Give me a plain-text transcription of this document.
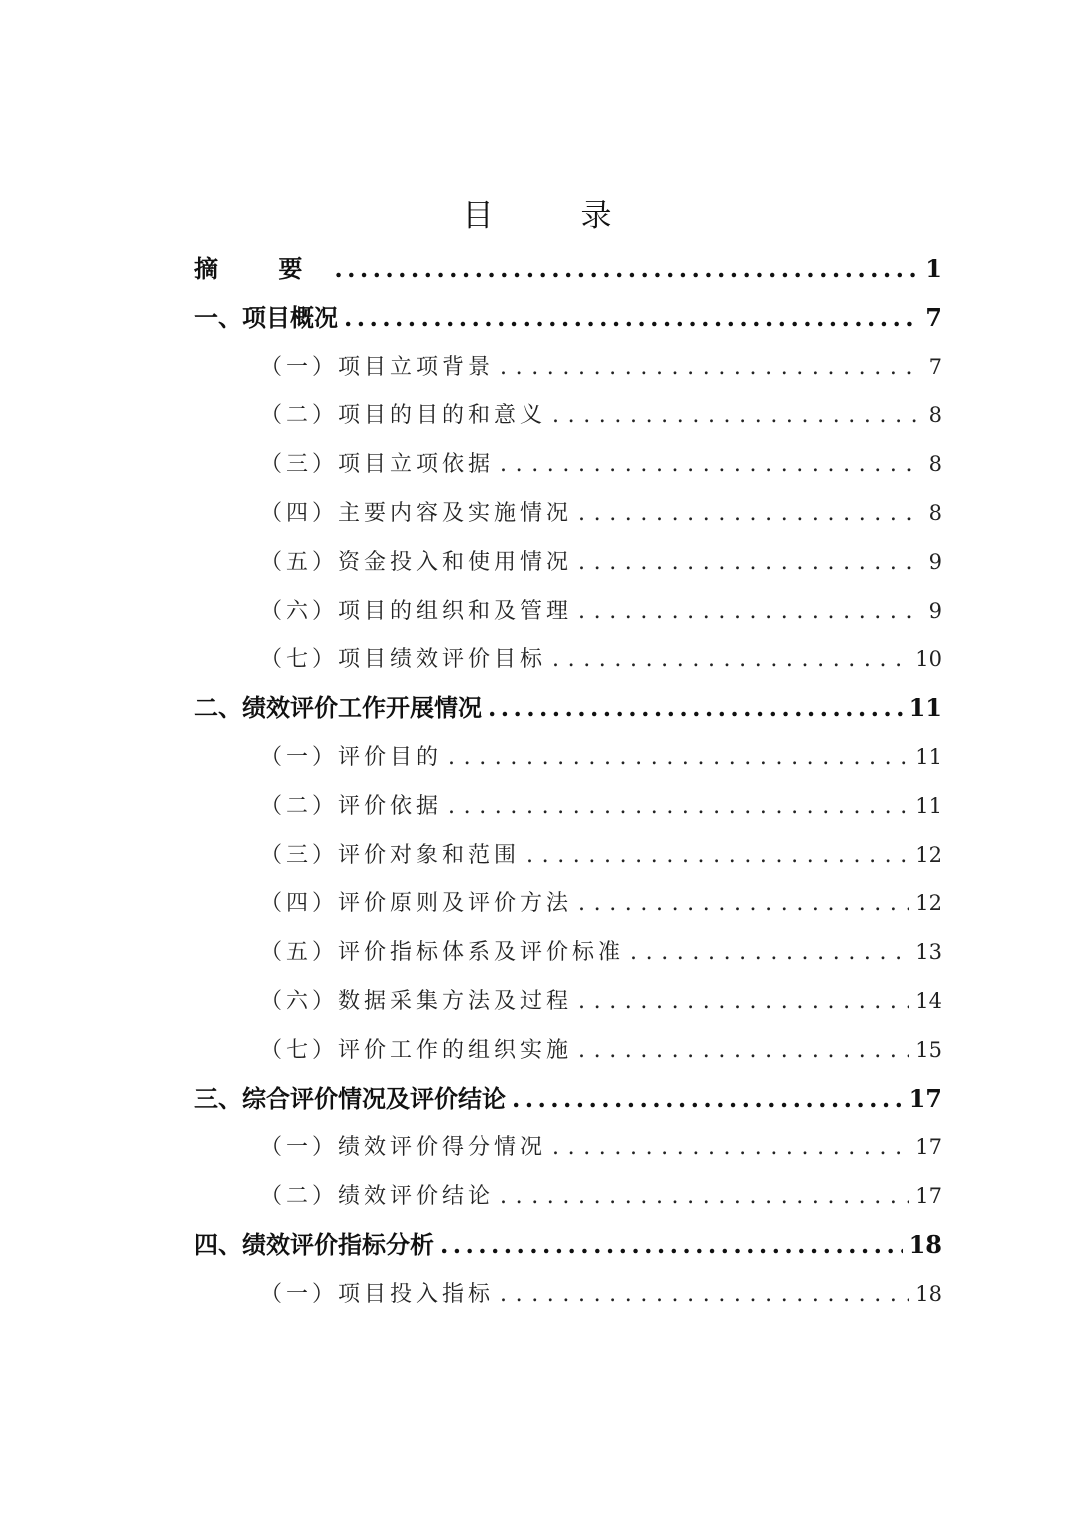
目　录
摘 要 .....	1
一、项目概况 .....	7
（一）项目立项背景 .....	7
（二）项目的目的和意义 .....	8
（三）项目立项依据 .....	8
（四）主要内容及实施情况 .....	8
（五）资金投入和使用情况 .....	9
（六）项目的组织和及管理 .....	9
（七）项目绩效评价目标 .....	10
二、绩效评价工作开展情况 .....	11
（一）评价目的 .....	11
（二）评价依据 .....	11
（三）评价对象和范围 .....	12
（四）评价原则及评价方法 .....	12
（五）评价指标体系及评价标准 .....	13
（六）数据采集方法及过程 .....	14
（七）评价工作的组织实施 .....	15
三、综合评价情况及评价结论 .....	17
（一）绩效评价得分情况 .....	17
（二）绩效评价结论 .....	17
四、绩效评价指标分析 .....	18
（一）项目投入指标 .....	18
